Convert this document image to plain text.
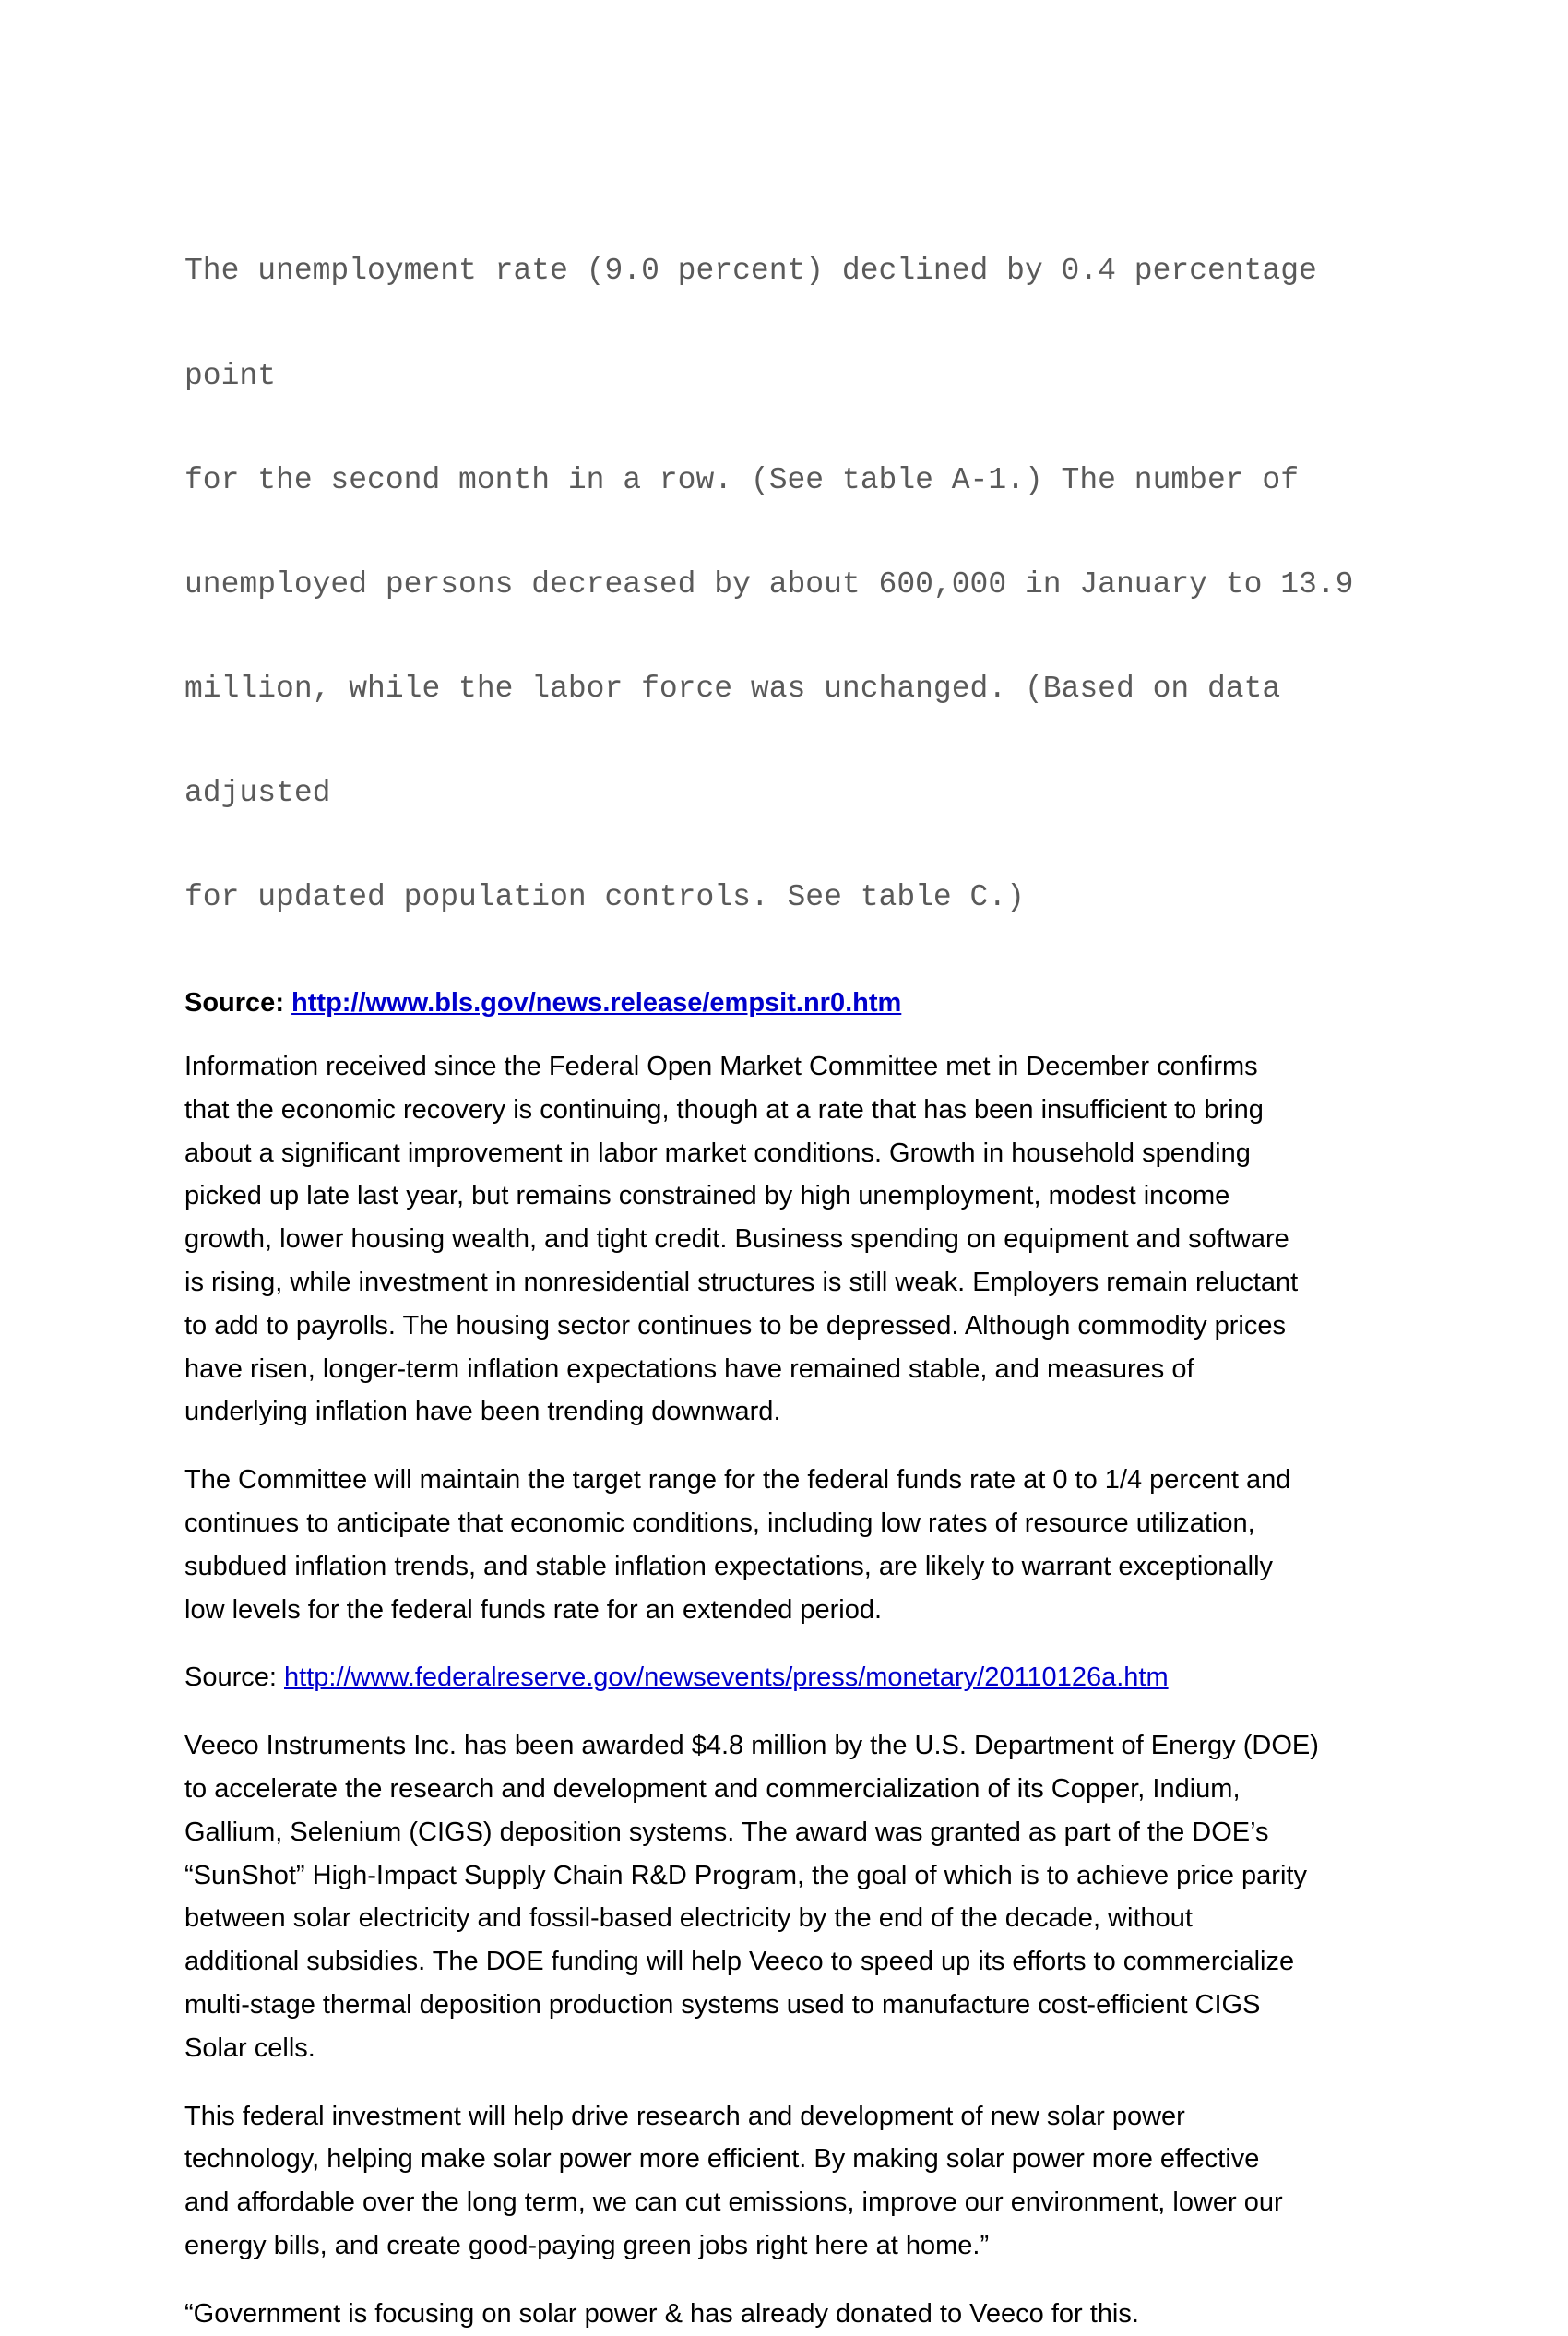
The unemployment rate (9.0 percent) declined by 0.4 percentage

point

for the second month in a row. (See table A-1.) The number of

unemployed persons decreased by about 600,000 in January to 13.9

million, while the labor force was unchanged. (Based on data

adjusted

for updated population controls. See table C.)

Source: http://www.bls.gov/news.release/empsit.nr0.htm

Information received since the Federal Open Market Committee met in December confirms
that the economic recovery is continuing, though at a rate that has been insufficient to bring
about a significant improvement in labor market conditions. Growth in household spending
picked up late last year, but remains constrained by high unemployment, modest income
growth, lower housing wealth, and tight credit. Business spending on equipment and software
is rising, while investment in nonresidential structures is still weak. Employers remain reluctant
to add to payrolls. The housing sector continues to be depressed. Although commodity prices
have risen, longer-term inflation expectations have remained stable, and measures of
underlying inflation have been trending downward.

The Committee will maintain the target range for the federal funds rate at 0 to 1/4 percent and
continues to anticipate that economic conditions, including low rates of resource utilization,
subdued inflation trends, and stable inflation expectations, are likely to warrant exceptionally
low levels for the federal funds rate for an extended period.

Source: http://www.federalreserve.gov/newsevents/press/monetary/20110126a.htm

Veeco Instruments Inc. has been awarded $4.8 million by the U.S. Department of Energy (DOE)
to accelerate the research and development and commercialization of its Copper, Indium,
Gallium, Selenium (CIGS) deposition systems. The award was granted as part of the DOE’s
“SunShot” High-Impact Supply Chain R&D Program, the goal of which is to achieve price parity
between solar electricity and fossil-based electricity by the end of the decade, without
additional subsidies. The DOE funding will help Veeco to speed up its efforts to commercialize
multi-stage thermal deposition production systems used to manufacture cost-efficient CIGS
Solar cells.

This federal investment will help drive research and development of new solar power
technology, helping make solar power more efficient. By making solar power more effective
and affordable over the long term, we can cut emissions, improve our environment, lower our
energy bills, and create good-paying green jobs right here at home.”

“Government is focusing on solar power & has already donated to Veeco for this.
